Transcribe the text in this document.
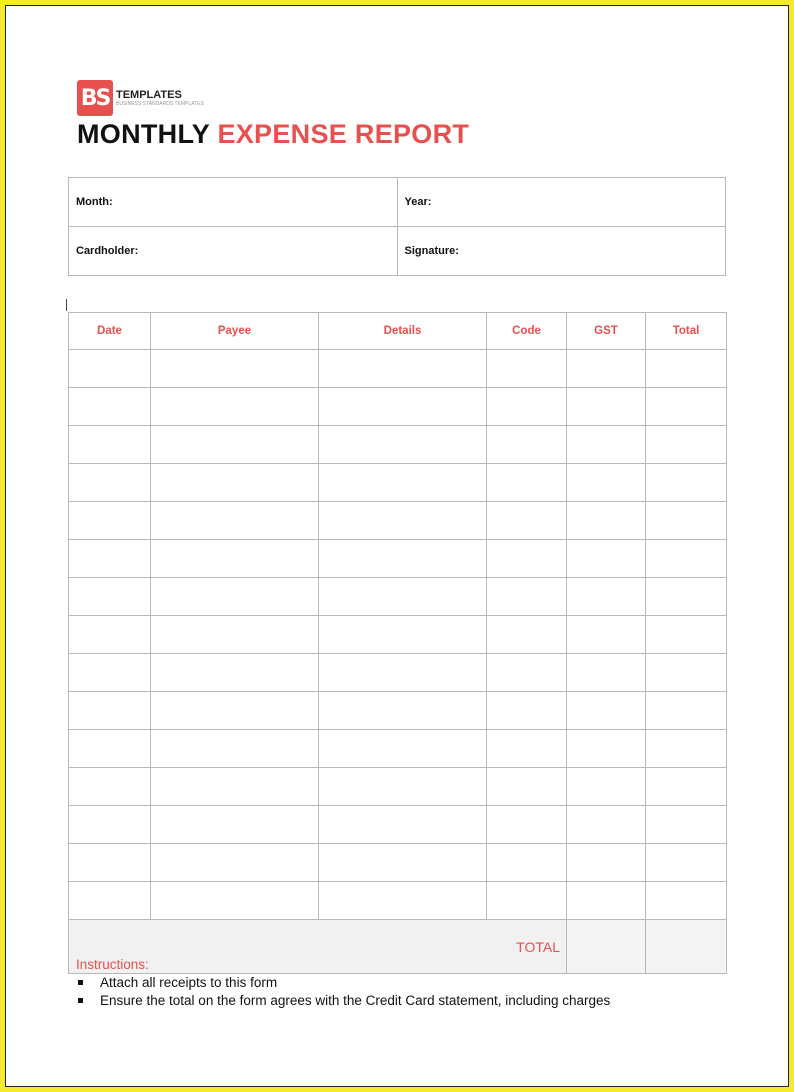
BS TEMPLATES
BUSINESS STANDARDS TEMPLATES
MONTHLY EXPENSE REPORT
Month:	Year:
Cardholder:	Signature:
Date	Payee	Details	Code	GST	Total

TOTAL					
Instructions:
Attach all receipts to this form
Ensure the total on the form agrees with the Credit Card statement, including charges
